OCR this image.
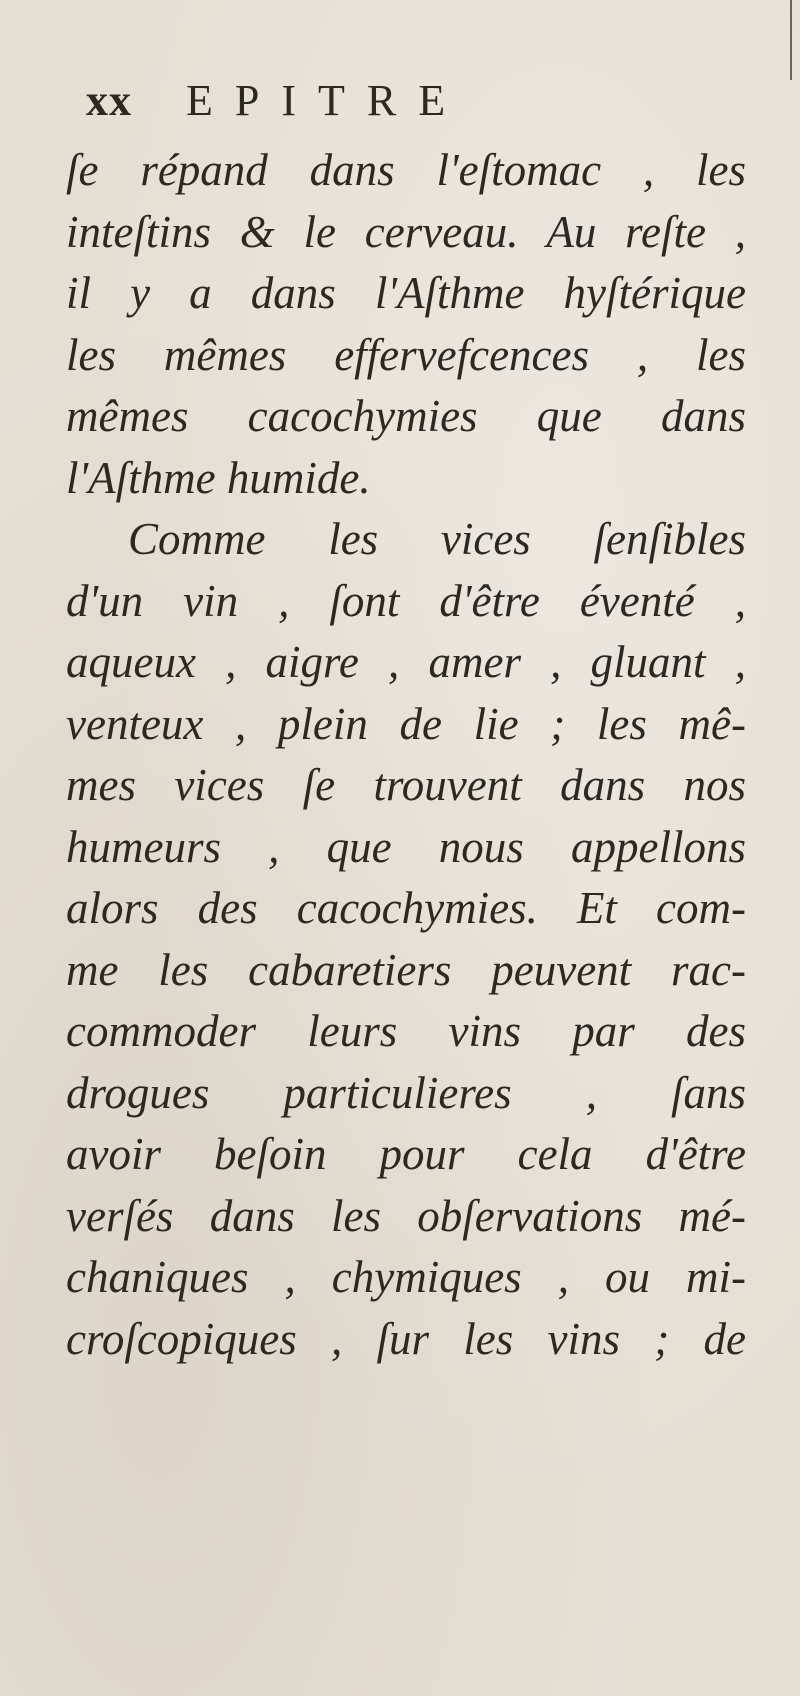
xx EPITRE
ſe répand dans l'eſtomac , les
inteſtins & le cerveau. Au reſte ,
il y a dans l'Aſthme hyſtérique
les mêmes effervefcences , les
mêmes cacochymies que dans
l'Aſthme humide.
Comme les vices ſenſibles
d'un vin , ſont d'être éventé ,
aqueux , aigre , amer , gluant ,
venteux , plein de lie ; les mê-
mes vices ſe trouvent dans nos
humeurs , que nous appellons
alors des cacochymies. Et com-
me les cabaretiers peuvent rac-
commoder leurs vins par des
drogues particulieres , ſans
avoir beſoin pour cela d'être
verſés dans les obſervations mé-
chaniques , chymiques , ou mi-
croſcopiques , ſur les vins ; de
